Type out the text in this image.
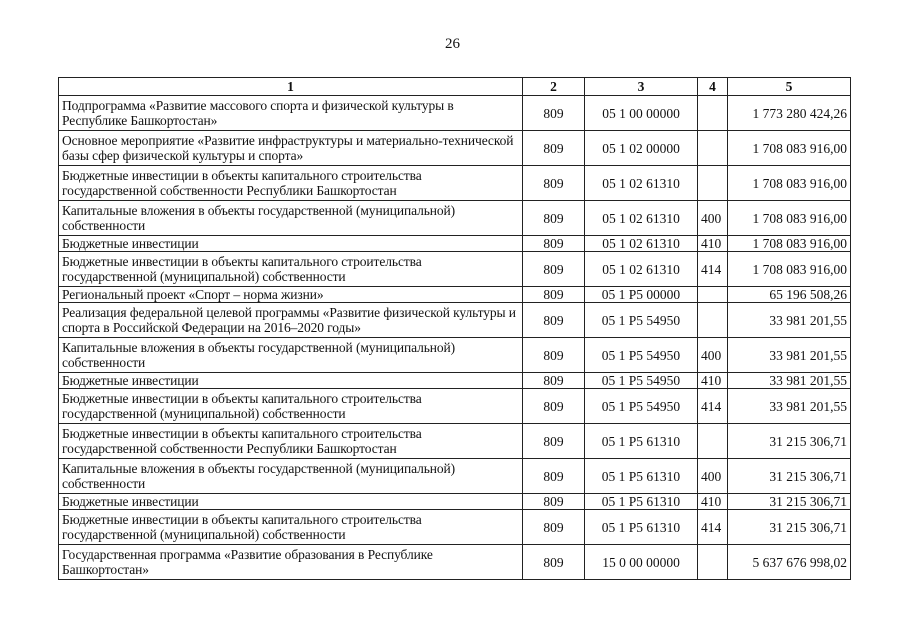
26
1	2	3	4	5
Подпрограмма «Развитие массового спорта и физической культуры в Республике Башкортостан»	809	05 1 00 00000		1 773 280 424,26
Основное мероприятие «Развитие инфраструктуры и материально-технической базы сфер физической культуры и спорта»	809	05 1 02 00000		1 708 083 916,00
Бюджетные инвестиции в объекты капитального строительства государственной собственности Республики Башкортостан	809	05 1 02 61310		1 708 083 916,00
Капитальные вложения в объекты государственной (муниципальной) собственности	809	05 1 02 61310	400	1 708 083 916,00
Бюджетные инвестиции	809	05 1 02 61310	410	1 708 083 916,00
Бюджетные инвестиции в объекты капитального строительства государственной (муниципальной) собственности	809	05 1 02 61310	414	1 708 083 916,00
Региональный проект «Спорт – норма жизни»	809	05 1 P5 00000		65 196 508,26
Реализация федеральной целевой программы «Развитие физической культуры и спорта в Российской Федерации на 2016–2020 годы»	809	05 1 P5 54950		33 981 201,55
Капитальные вложения в объекты государственной (муниципальной) собственности	809	05 1 P5 54950	400	33 981 201,55
Бюджетные инвестиции	809	05 1 P5 54950	410	33 981 201,55
Бюджетные инвестиции в объекты капитального строительства государственной (муниципальной) собственности	809	05 1 P5 54950	414	33 981 201,55
Бюджетные инвестиции в объекты капитального строительства государственной собственности Республики Башкортостан	809	05 1 P5 61310		31 215 306,71
Капитальные вложения в объекты государственной (муниципальной) собственности	809	05 1 P5 61310	400	31 215 306,71
Бюджетные инвестиции	809	05 1 P5 61310	410	31 215 306,71
Бюджетные инвестиции в объекты капитального строительства государственной (муниципальной) собственности	809	05 1 P5 61310	414	31 215 306,71
Государственная программа «Развитие образования в Республике Башкортостан»	809	15 0 00 00000		5 637 676 998,02
